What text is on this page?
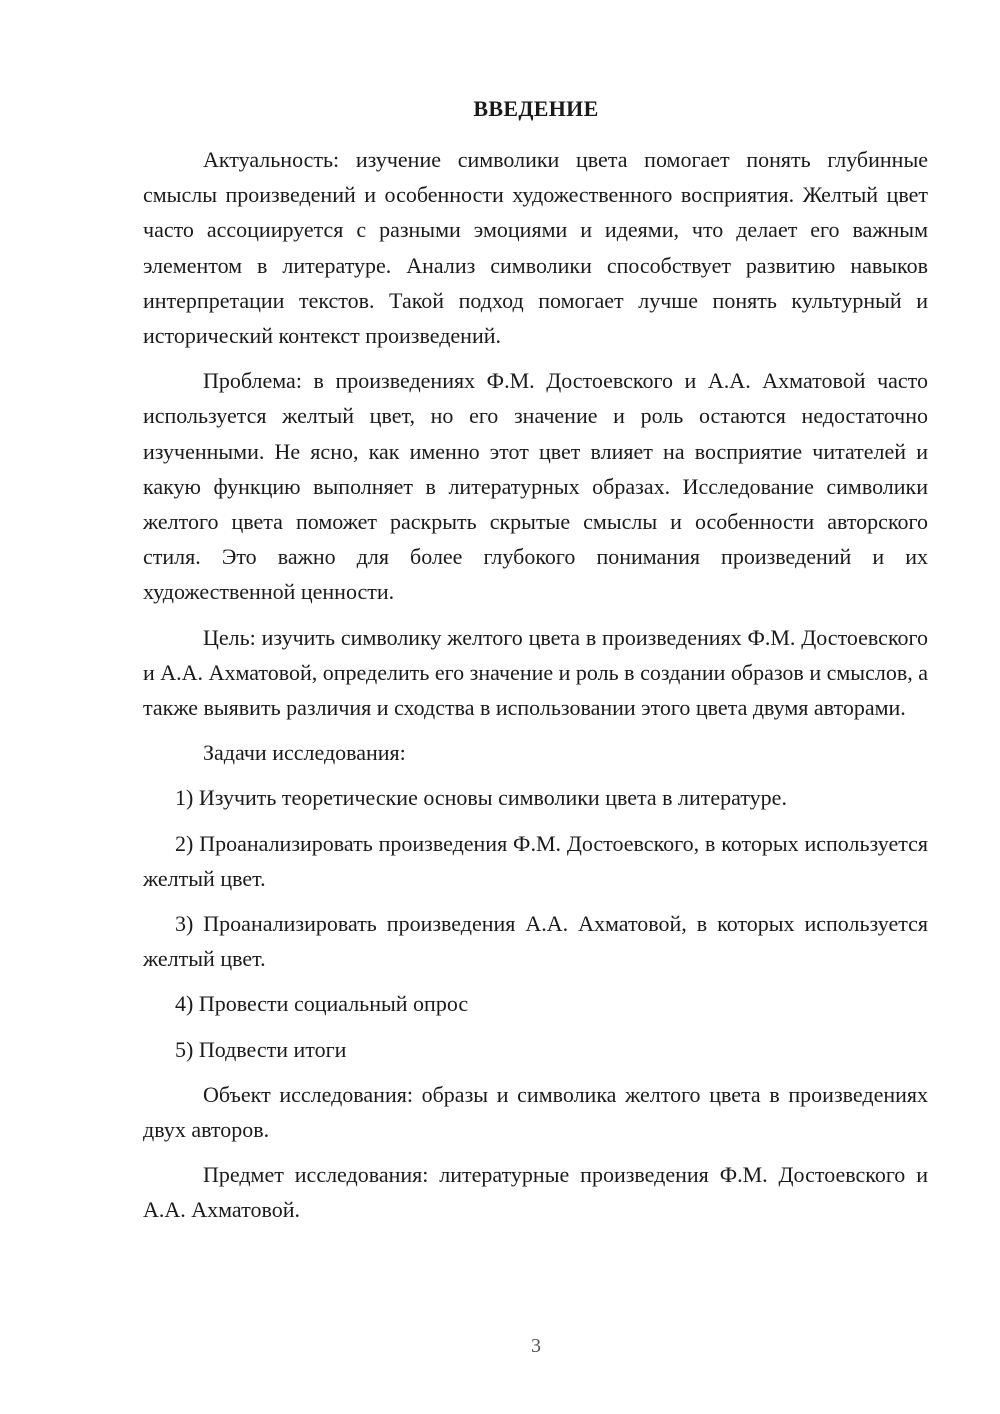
ВВЕДЕНИЕ

Актуальность: изучение символики цвета помогает понять глубинные смыслы произведений и особенности художественного восприятия. Желтый цвет часто ассоциируется с разными эмоциями и идеями, что делает его важным элементом в литературе. Анализ символики способствует развитию навыков интерпретации текстов. Такой подход помогает лучше понять культурный и исторический контекст произведений.

Проблема: в произведениях Ф.М. Достоевского и А.А. Ахматовой часто используется желтый цвет, но его значение и роль остаются недостаточно изученными. Не ясно, как именно этот цвет влияет на восприятие читателей и какую функцию выполняет в литературных образах. Исследование символики желтого цвета поможет раскрыть скрытые смыслы и особенности авторского стиля. Это важно для более глубокого понимания произведений и их художественной ценности.

Цель: изучить символику желтого цвета в произведениях Ф.М. Достоевского и А.А. Ахматовой, определить его значение и роль в создании образов и смыслов, а также выявить различия и сходства в использовании этого цвета двумя авторами.

Задачи исследования:

1) Изучить теоретические основы символики цвета в литературе.

2) Проанализировать произведения Ф.М. Достоевского, в которых используется желтый цвет.

3) Проанализировать произведения А.А. Ахматовой, в которых используется желтый цвет.

4) Провести социальный опрос

5) Подвести итоги

Объект исследования: образы и символика желтого цвета в произведениях двух авторов.

Предмет исследования: литературные произведения Ф.М. Достоевского и А.А. Ахматовой.

3
